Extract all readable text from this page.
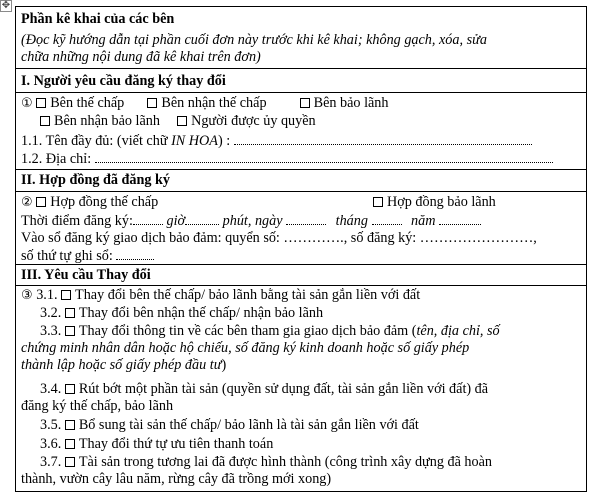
✥
Phần kê khai của các bên
(Đọc kỹ hướng dẫn tại phần cuối đơn này trước khi kê khai; không gạch, xóa, sửa
chữa những nội dung đã kê khai trên đơn)
I. Người yêu cầu đăng ký thay đổi
① Bên thế chấp	Bên nhận thế chấp	Bên bảo lãnh
Bên nhận bảo lãnh Người được ủy quyền
1.1. Tên đầy đủ: (viết chữ IN HOA) :
1.2. Địa chỉ:
II. Hợp đồng đã đăng ký
② Hợp đồng thế chấp	Hợp đồng bảo lãnh
Thời điểm đăng ký: giờ	phút, ngày	tháng	năm
Vào sổ đăng ký giao dịch bảo đảm: quyển số: …………., số đăng ký: ……………………,
số thứ tự ghi sổ:
III. Yêu cầu Thay đổi
③ 3.1. Thay đổi bên thế chấp/ bảo lãnh bằng tài sản gắn liền với đất
3.2. Thay đổi bên nhận thế chấp/ nhận bảo lãnh
3.3. Thay đổi thông tin về các bên tham gia giao dịch bảo đảm (tên, địa chỉ, số
chứng minh nhân dân hoặc hộ chiếu, số đăng ký kinh doanh hoặc số giấy phép
thành lập hoặc số giấy phép đầu tư)
3.4. Rút bớt một phần tài sản (quyền sử dụng đất, tài sản gắn liền với đất) đã
đăng ký thế chấp, bảo lãnh
3.5. Bổ sung tài sản thế chấp/ bảo lãnh là tài sản gắn liền với đất
3.6. Thay đổi thứ tự ưu tiên thanh toán
3.7. Tài sản trong tương lai đã được hình thành (công trình xây dựng đã hoàn
thành, vườn cây lâu năm, rừng cây đã trồng mới xong)
